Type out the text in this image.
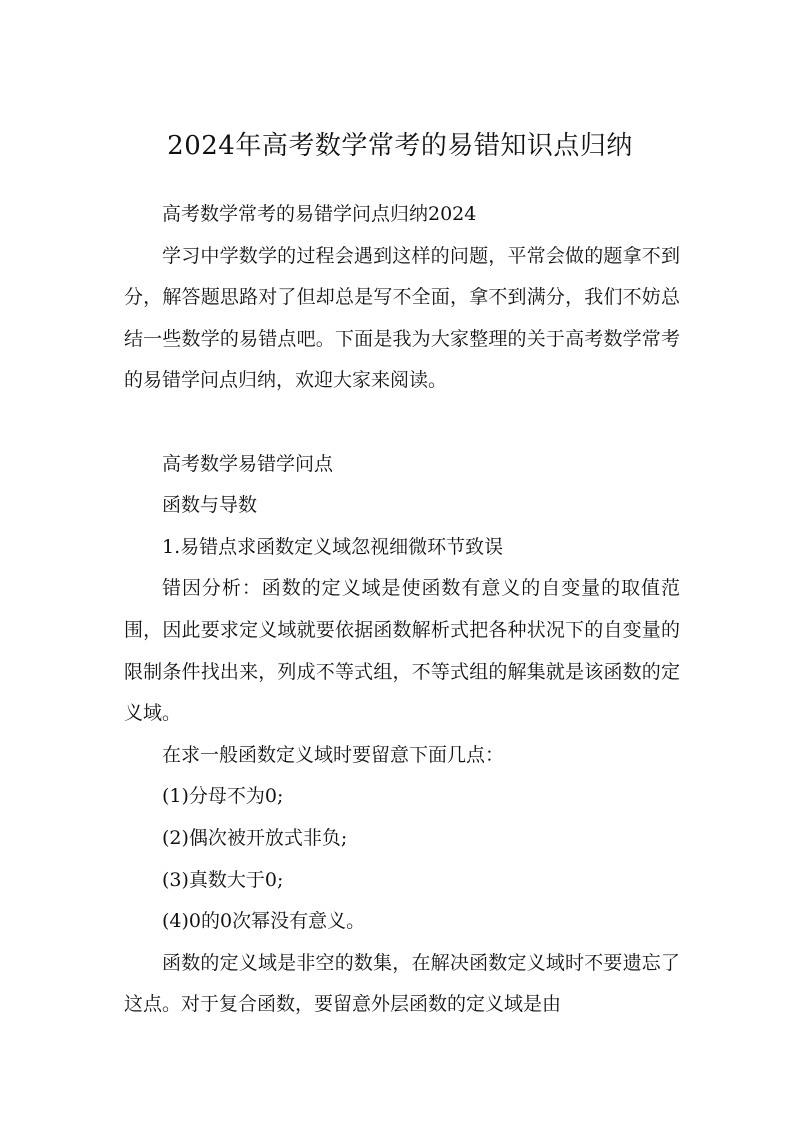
2024年高考数学常考的易错知识点归纳

高考数学常考的易错学问点归纳2024

学习中学数学的过程会遇到这样的问题，平常会做的题拿不到分，解答题思路对了但却总是写不全面，拿不到满分，我们不妨总结一些数学的易错点吧。下面是我为大家整理的关于高考数学常考的易错学问点归纳，欢迎大家来阅读。

高考数学易错学问点

函数与导数

1.易错点求函数定义域忽视细微环节致误

错因分析：函数的定义域是使函数有意义的自变量的取值范围，因此要求定义域就要依据函数解析式把各种状况下的自变量的限制条件找出来，列成不等式组，不等式组的解集就是该函数的定义域。

在求一般函数定义域时要留意下面几点：

(1)分母不为0;

(2)偶次被开放式非负;

(3)真数大于0;

(4)0的0次幂没有意义。

函数的定义域是非空的数集，在解决函数定义域时不要遗忘了这点。对于复合函数，要留意外层函数的定义域是由
